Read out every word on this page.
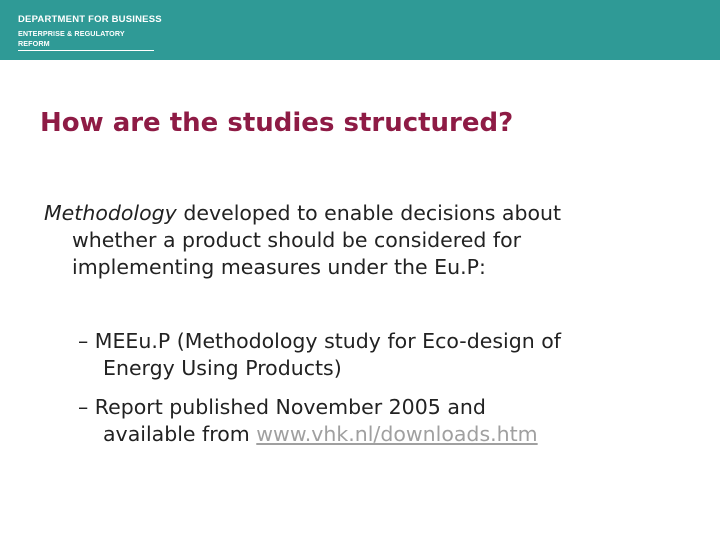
DEPARTMENT FOR BUSINESS
ENTERPRISE & REGULATORY REFORM
How are the studies structured?
Methodology developed to enable decisions about
whether a product should be considered for
implementing measures under the Eu.P:
– MEEu.P (Methodology study for Eco-design of
Energy Using Products)
– Report published November 2005 and
available from www.vhk.nl/downloads.htm
